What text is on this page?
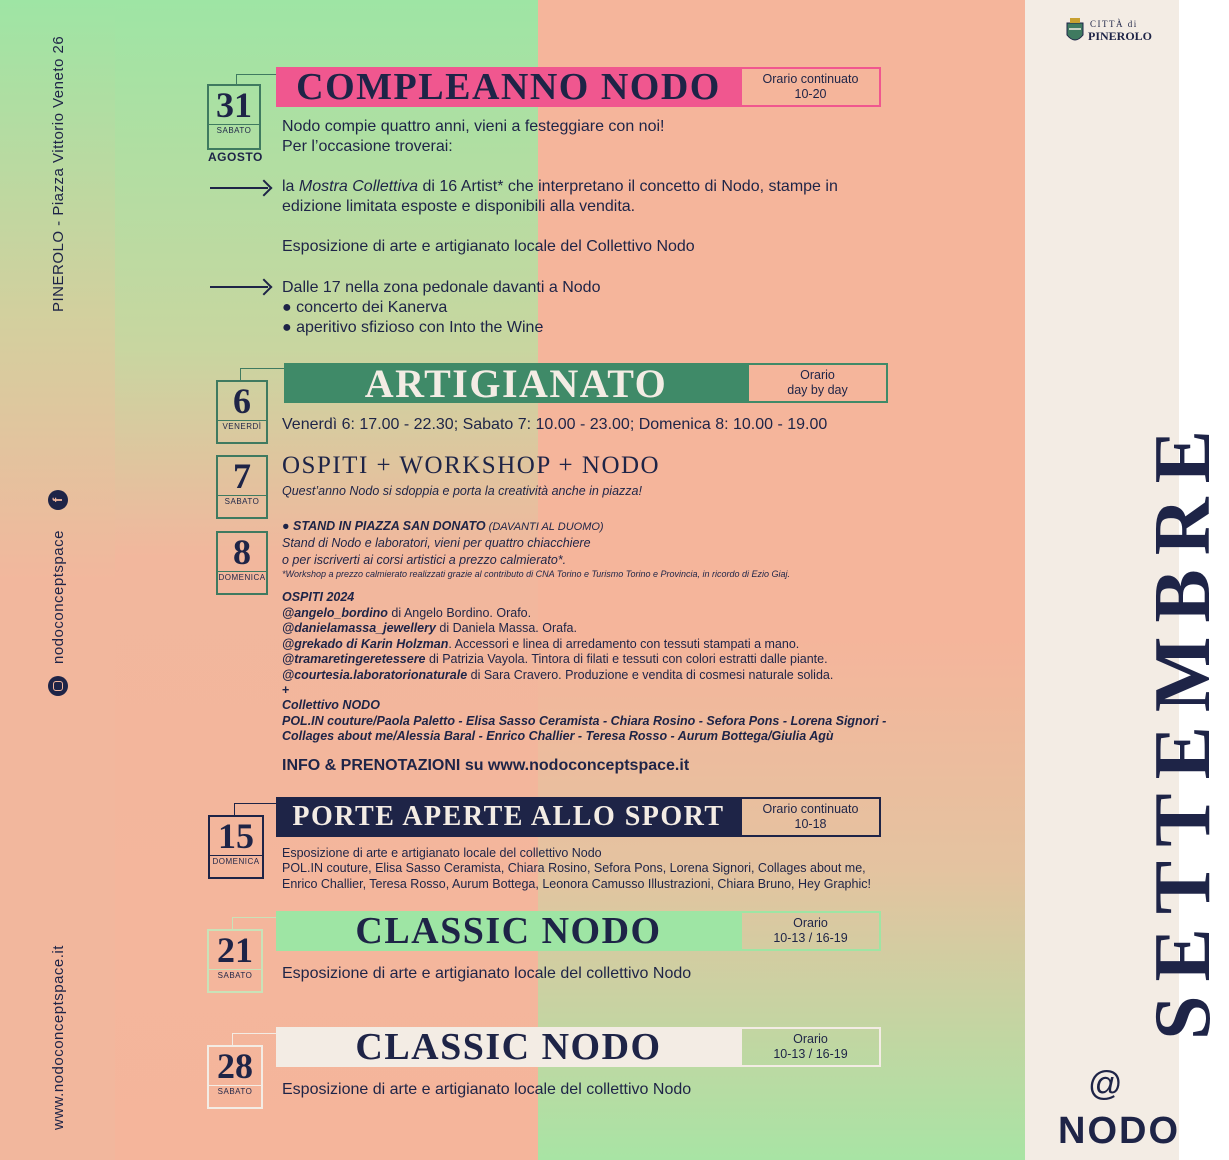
PINEROLO - Piazza Vittorio Veneto 26
f
nodoconceptspace
www.nodoconceptspace.it
CITTÀ di
PINEROLO
SETTEMBRE
@
NODO
31
SABATO
AGOSTO
COMPLEANNO NODO	Orario continuato
10-20
Nodo compie quattro anni, vieni a festeggiare con noi!
Per l’occasione troverai:
la Mostra Collettiva di 16 Artist* che interpretano il concetto di Nodo, stampe in
edizione limitata esposte e disponibili alla vendita.
Esposizione di arte e artigianato locale del Collettivo Nodo
Dalle 17 nella zona pedonale davanti a Nodo
● concerto dei Kanerva
● aperitivo sfizioso con Into the Wine
6
VENERDÌ
7
SABATO
8
DOMENICA
ARTIGIANATO	Orario
day by day
Venerdì 6: 17.00 - 22.30; Sabato 7: 10.00 - 23.00; Domenica 8: 10.00 - 19.00
OSPITI + WORKSHOP + NODO
Quest’anno Nodo si sdoppia e porta la creatività anche in piazza!
● STAND IN PIAZZA SAN DONATO (DAVANTI AL DUOMO)
Stand di Nodo e laboratori, vieni per quattro chiacchiere
o per iscriverti ai corsi artistici a prezzo calmierato*.
*Workshop a prezzo calmierato realizzati grazie al contributo di CNA Torino e Turismo Torino e Provincia, in ricordo di Ezio Giaj.
OSPITI 2024
@angelo_bordino di Angelo Bordino. Orafo.
@danielamassa_jewellery di Daniela Massa. Orafa.
@grekado di Karin Holzman. Accessori e linea di arredamento con tessuti stampati a mano.
@tramaretingeretessere di Patrizia Vayola. Tintora di filati e tessuti con colori estratti dalle piante.
@courtesia.laboratorionaturale di Sara Cravero. Produzione e vendita di cosmesi naturale solida.
+
Collettivo NODO
POL.IN couture/Paola Paletto - Elisa Sasso Ceramista - Chiara Rosino - Sefora Pons - Lorena Signori -
Collages about me/Alessia Baral - Enrico Challier - Teresa Rosso - Aurum Bottega/Giulia Agù
INFO & PRENOTAZIONI su www.nodoconceptspace.it
15
DOMENICA
PORTE APERTE ALLO SPORT	Orario continuato
10-18
Esposizione di arte e artigianato locale del collettivo Nodo
POL.IN couture, Elisa Sasso Ceramista, Chiara Rosino, Sefora Pons, Lorena Signori, Collages about me,
Enrico Challier, Teresa Rosso, Aurum Bottega, Leonora Camusso Illustrazioni, Chiara Bruno, Hey Graphic!
21
SABATO
CLASSIC NODO	Orario
10-13 / 16-19
Esposizione di arte e artigianato locale del collettivo Nodo
28
SABATO
CLASSIC NODO	Orario
10-13 / 16-19
Esposizione di arte e artigianato locale del collettivo Nodo
